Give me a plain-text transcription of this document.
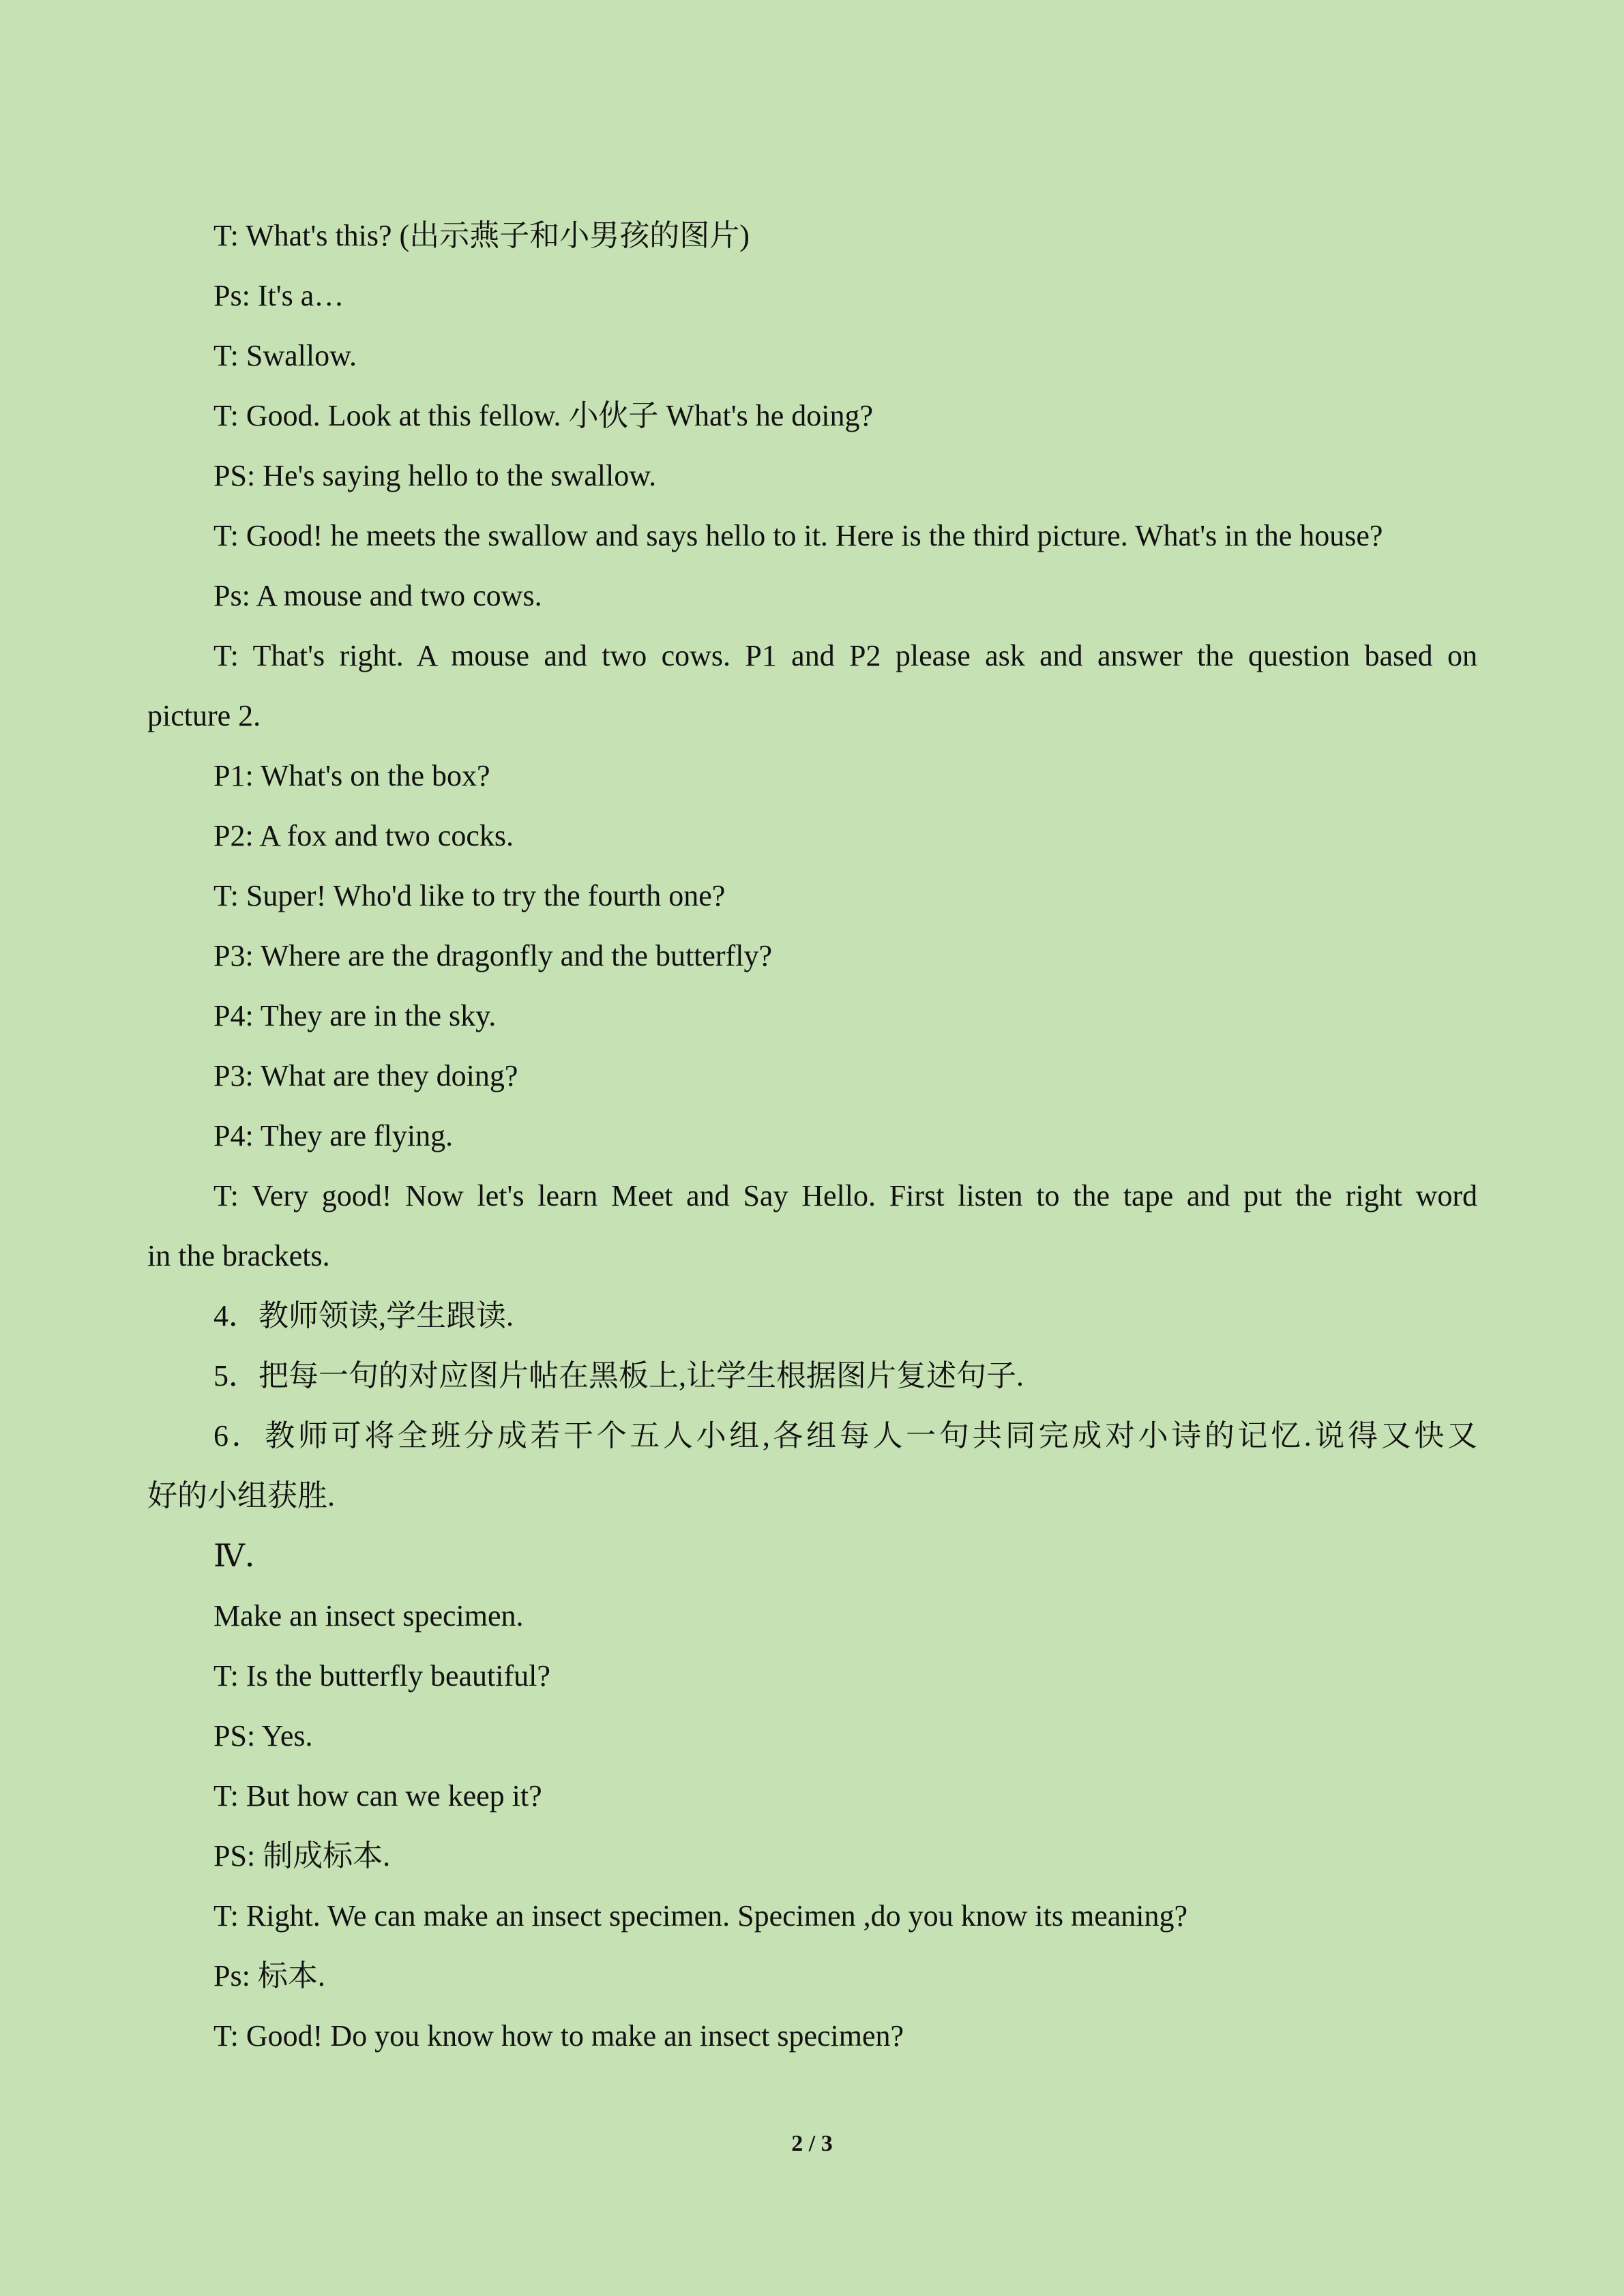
T: What's this? (出示燕子和小男孩的图片)

Ps: It's a…

T: Swallow.

T: Good. Look at this fellow. 小伙子 What's he doing?

PS: He's saying hello to the swallow.

T: Good! he meets the swallow and says hello to it. Here is the third picture. What's in the house?

Ps: A mouse and two cows.

T: That's right. A mouse and two cows. P1 and P2 please ask and answer the question based on

picture 2.

P1: What's on the box?

P2: A fox and two cocks.

T: Super! Who'd like to try the fourth one?

P3: Where are the dragonfly and the butterfly?

P4: They are in the sky.

P3: What are they doing?

P4: They are flying.

T: Very good! Now let's learn Meet and Say Hello. First listen to the tape and put the right word

in the brackets.

4．教师领读,学生跟读.

5．把每一句的对应图片帖在黑板上,让学生根据图片复述句子.

6．教师可将全班分成若干个五人小组,各组每人一句共同完成对小诗的记忆.说得又快又

好的小组获胜.

Ⅳ．

Make an insect specimen.

T: Is the butterfly beautiful?

PS: Yes.

T: But how can we keep it?

PS: 制成标本.

T: Right. We can make an insect specimen. Specimen ,do you know its meaning?

Ps: 标本.

T: Good! Do you know how to make an insect specimen?

2 / 3
